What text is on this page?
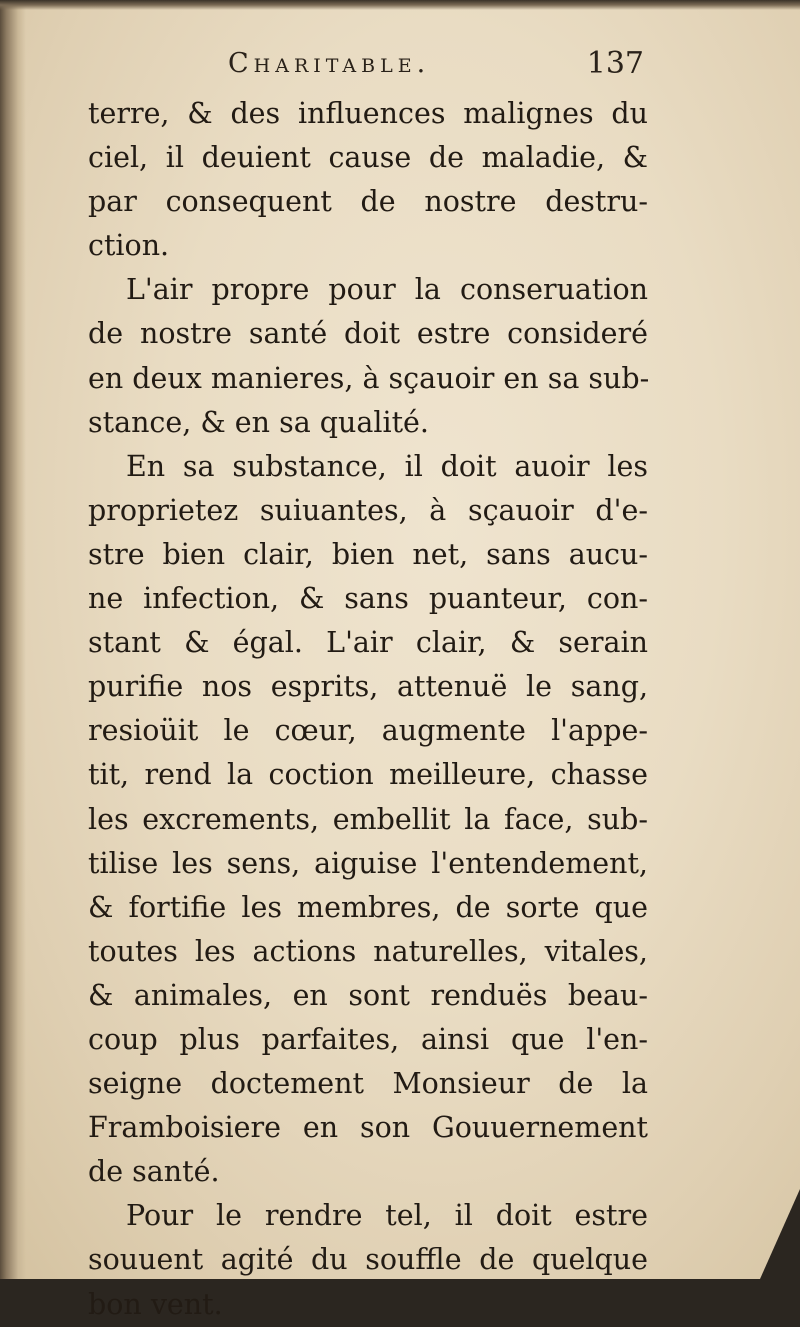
Charitable.	137
terre, & des influences malignes du
ciel, il deuient cause de maladie, &
par consequent de nostre destru-
ction.
L'air propre pour la conseruation
de nostre santé doit estre consideré
en deux manieres, à sçauoir en sa sub-
stance, & en sa qualité.
En sa substance, il doit auoir les
proprietez suiuantes, à sçauoir d'e-
stre bien clair, bien net, sans aucu-
ne infection, & sans puanteur, con-
stant & égal. L'air clair, & serain
purifie nos esprits, attenuë le sang,
resioüit le cœur, augmente l'appe-
tit, rend la coction meilleure, chasse
les excrements, embellit la face, sub-
tilise les sens, aiguise l'entendement,
& fortifie les membres, de sorte que
toutes les actions naturelles, vitales,
& animales, en sont renduës beau-
coup plus parfaites, ainsi que l'en-
seigne doctement Monsieur de la
Framboisiere en son Gouuernement
de santé.
Pour le rendre tel, il doit estre
souuent agité du souffle de quelque
bon vent.
